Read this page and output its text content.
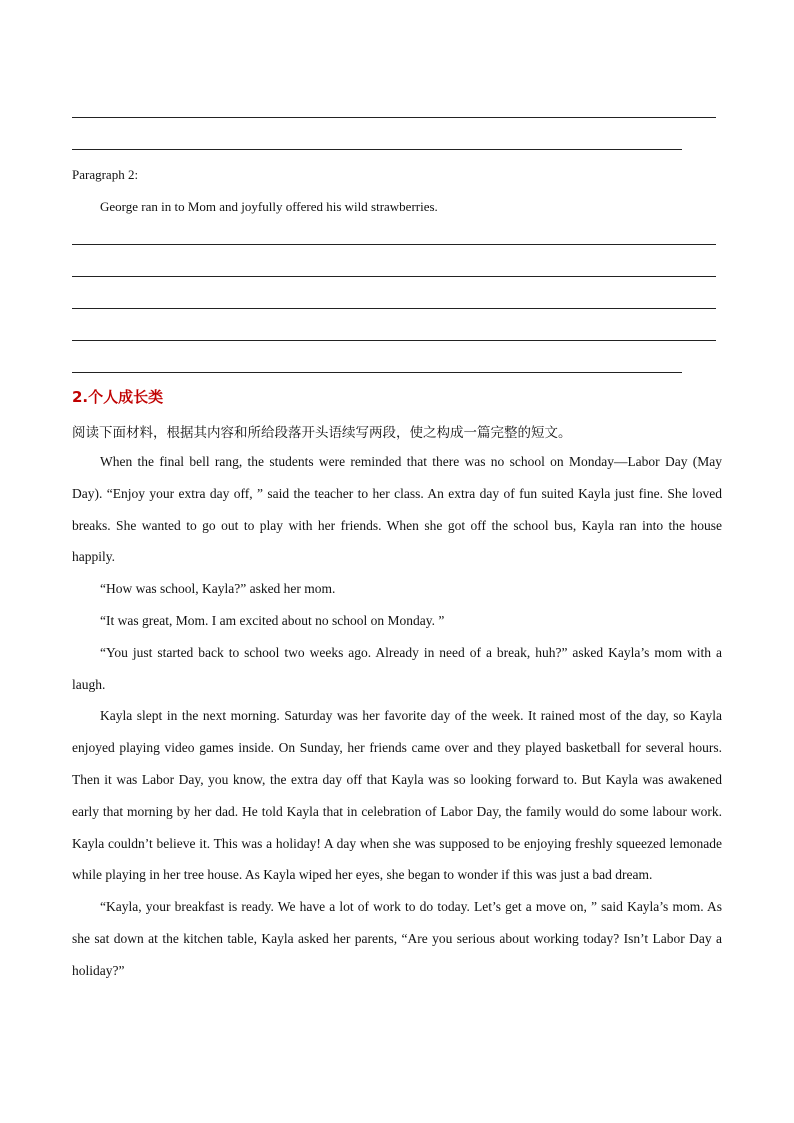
Paragraph 2:
George ran in to Mom and joyfully offered his wild strawberries.
2.个人成长类
阅读下面材料，根据其内容和所给段落开头语续写两段，使之构成一篇完整的短文。

When the final bell rang, the students were reminded that there was no school on Monday—Labor Day (May Day). “Enjoy your extra day off, ” said the teacher to her class. An extra day of fun suited Kayla just fine. She loved breaks. She wanted to go out to play with her friends. When she got off the school bus, Kayla ran into the house happily.

“How was school, Kayla?” asked her mom.

“It was great, Mom. I am excited about no school on Monday. ”

“You just started back to school two weeks ago. Already in need of a break, huh?” asked Kayla’s mom with a laugh.

Kayla slept in the next morning. Saturday was her favorite day of the week. It rained most of the day, so Kayla enjoyed playing video games inside. On Sunday, her friends came over and they played basketball for several hours. Then it was Labor Day, you know, the extra day off that Kayla was so looking forward to. But Kayla was awakened early that morning by her dad. He told Kayla that in celebration of Labor Day, the family would do some labour work. Kayla couldn’t believe it. This was a holiday! A day when she was supposed to be enjoying freshly squeezed lemonade while playing in her tree house. As Kayla wiped her eyes, she began to wonder if this was just a bad dream.

“Kayla, your breakfast is ready. We have a lot of work to do today. Let’s get a move on, ” said Kayla’s mom. As she sat down at the kitchen table, Kayla asked her parents, “Are you serious about working today? Isn’t Labor Day a holiday?”
